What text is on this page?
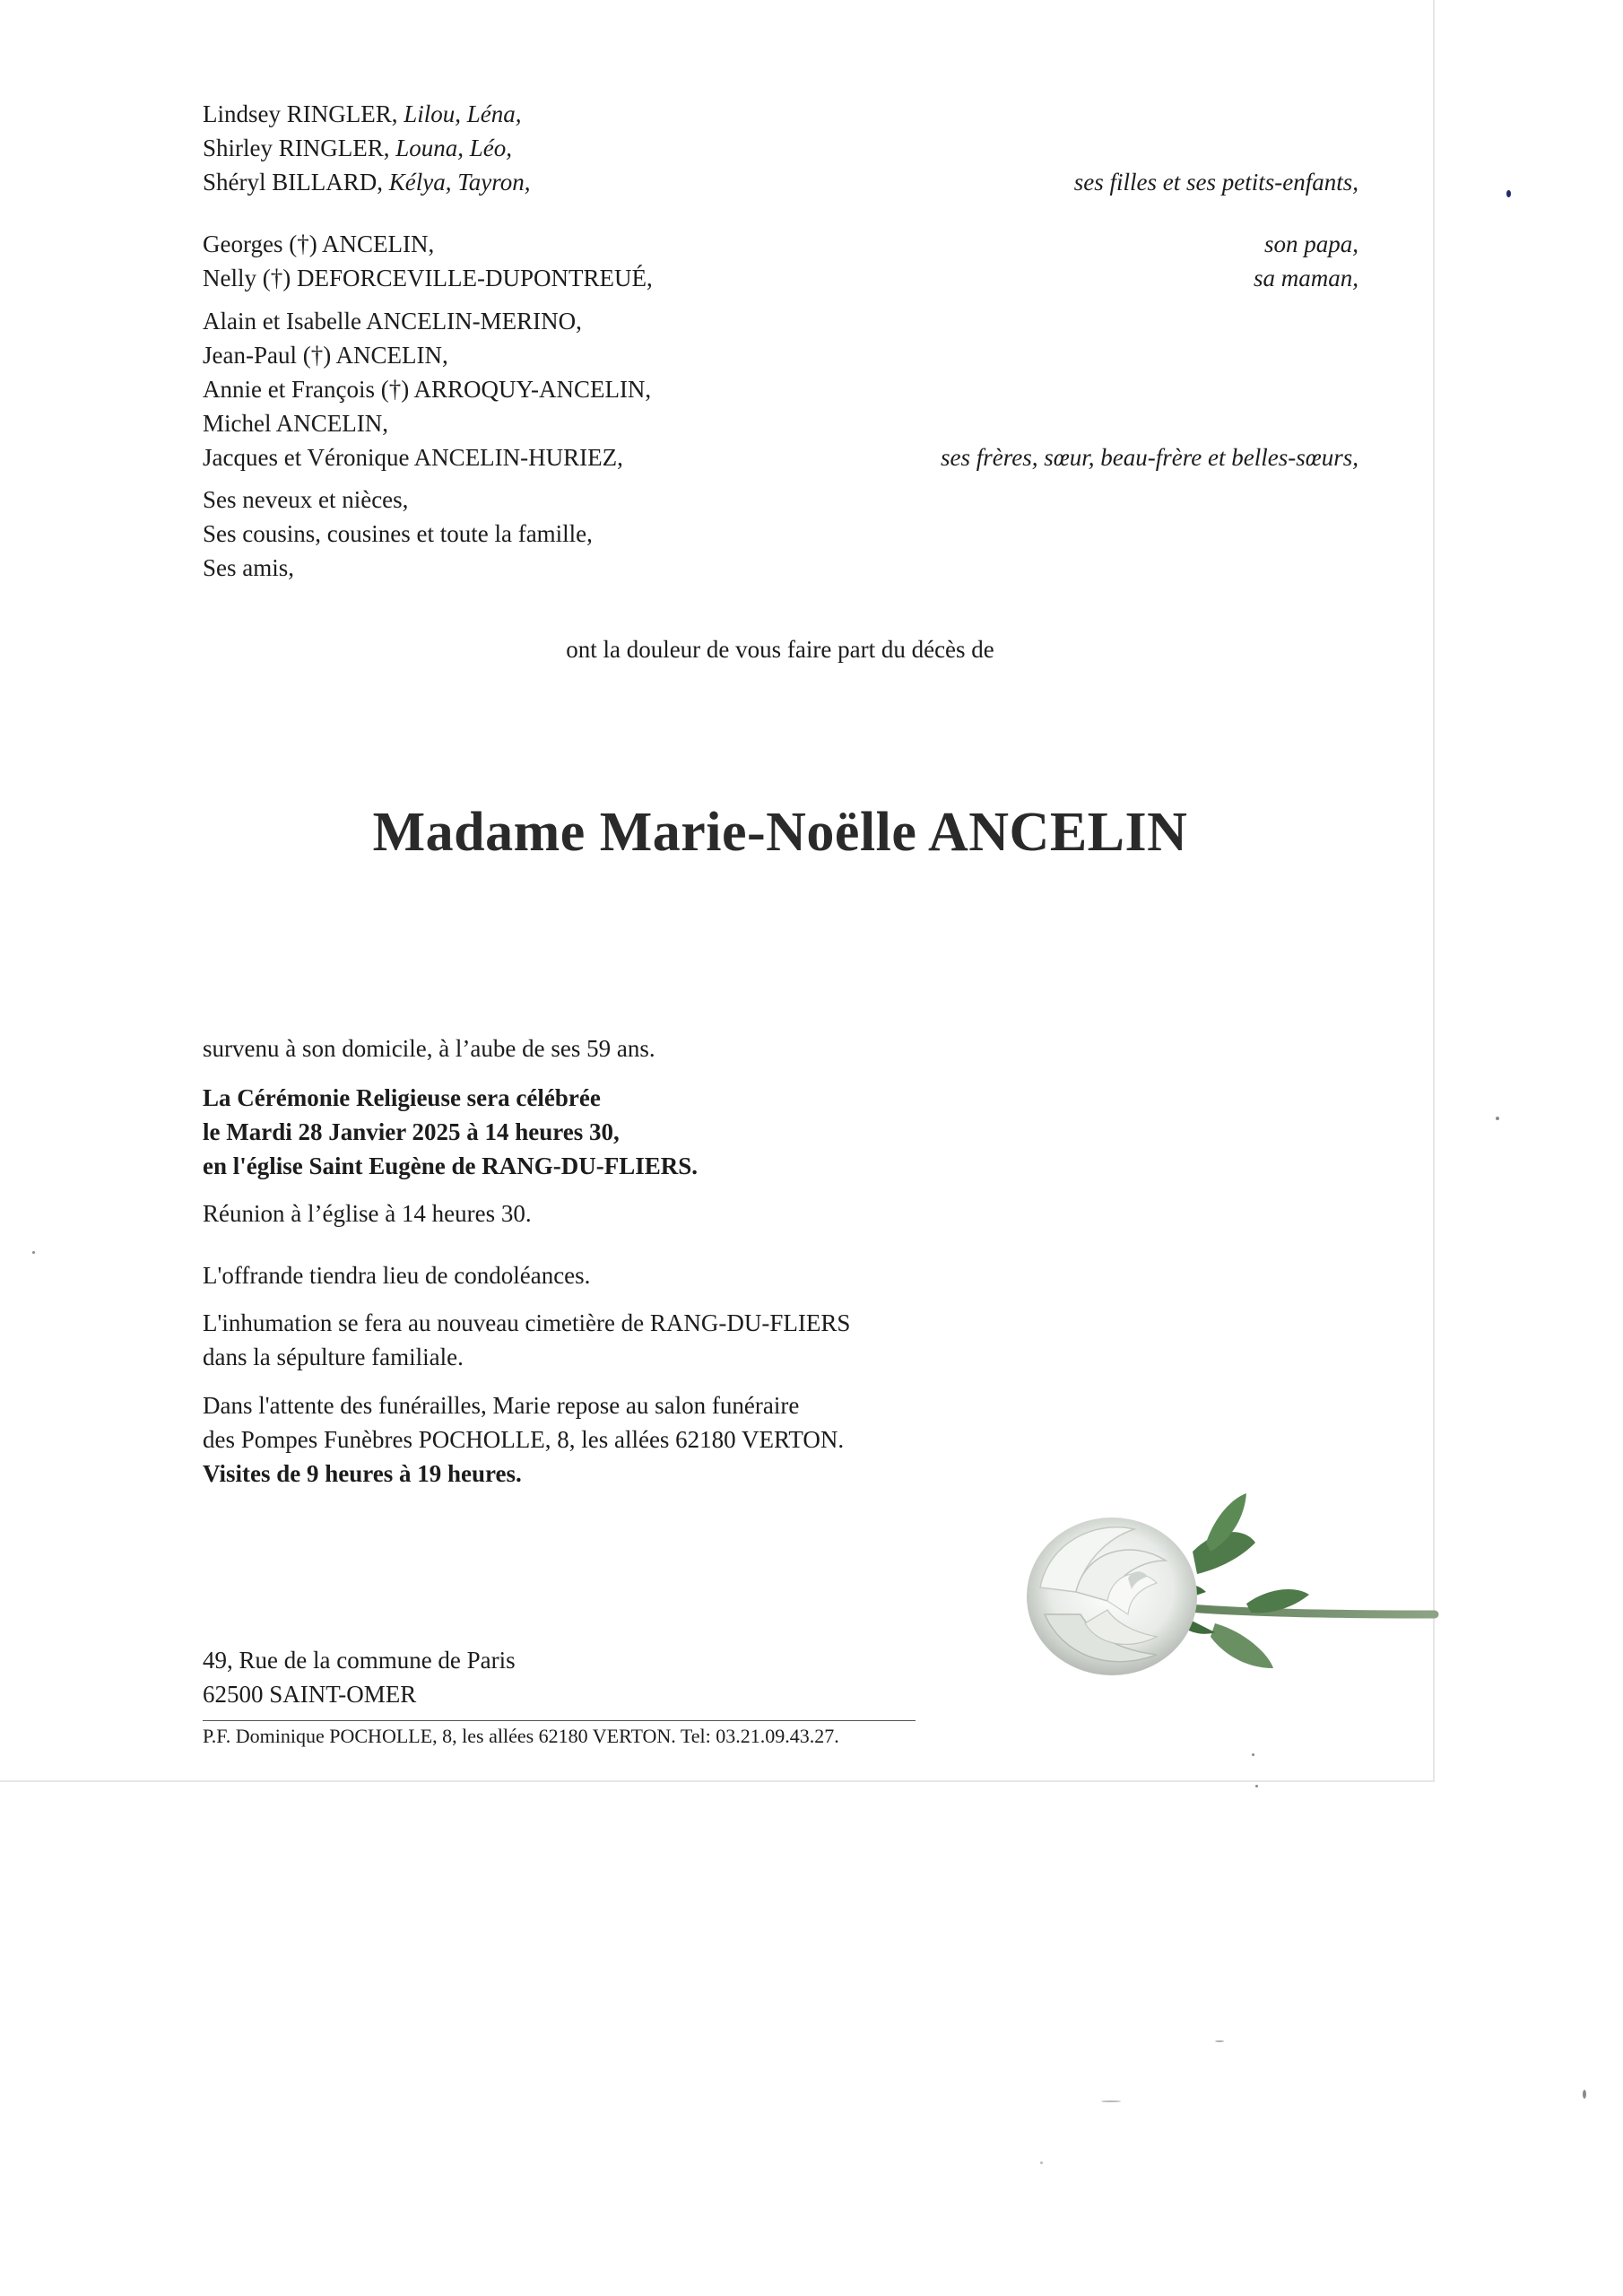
Lindsey RINGLER, Lilou, Léna,
Shirley RINGLER, Louna, Léo,
Shéryl BILLARD, Kélya, Tayron,	ses filles et ses petits-enfants,
Georges (†) ANCELIN,
Nelly (†) DEFORCEVILLE-DUPONTREUÉ,
son papa,
sa maman,
Alain et Isabelle ANCELIN-MERINO,
Jean-Paul (†) ANCELIN,
Annie et François (†) ARROQUY-ANCELIN,
Michel ANCELIN,
Jacques et Véronique ANCELIN-HURIEZ,	ses frères, sœur, beau-frère et belles-sœurs,
Ses neveux et nièces,
Ses cousins, cousines et toute la famille,
Ses amis,
ont la douleur de vous faire part du décès de
Madame Marie-Noëlle ANCELIN
survenu à son domicile, à l’aube de ses 59 ans.
La Cérémonie Religieuse sera célébrée
le Mardi 28 Janvier 2025 à 14 heures 30,
en l'église Saint Eugène de RANG-DU-FLIERS.
Réunion à l’église à 14 heures 30.
L'offrande tiendra lieu de condoléances.
L'inhumation se fera au nouveau cimetière de RANG-DU-FLIERS
dans la sépulture familiale.
Dans l'attente des funérailles, Marie repose au salon funéraire
des Pompes Funèbres POCHOLLE, 8, les allées 62180 VERTON.
Visites de 9 heures à 19 heures.
49, Rue de la commune de Paris
62500 SAINT-OMER
P.F. Dominique POCHOLLE, 8, les allées 62180 VERTON. Tel: 03.21.09.43.27.
